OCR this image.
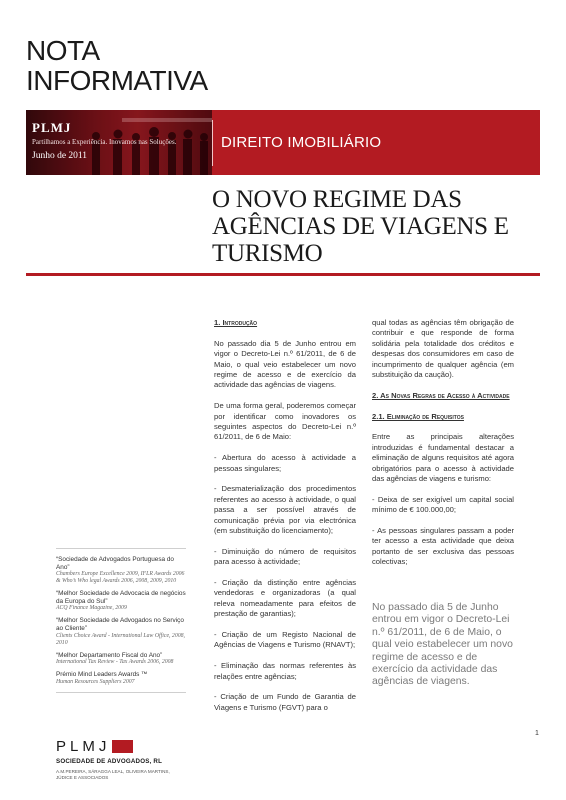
NOTA
INFORMATIVA
PLMJ
Partilhamos a Experiência. Inovamos nas Soluções.
Junho de 2011
DIREITO IMOBILIÁRIO
O NOVO REGIME DAS
AGÊNCIAS DE VIAGENS E
TURISMO
1. Introdução

No passado dia 5 de Junho entrou em vigor o Decreto-Lei n.º 61/2011, de 6 de Maio, o qual veio estabelecer um novo regime de acesso e de exercício da actividade das agências de viagens.

De uma forma geral, poderemos começar por identificar como inovadores os seguintes aspectos do Decreto-Lei n.º 61/2011, de 6 de Maio:

- Abertura do acesso à actividade a pessoas singulares;

- Desmaterialização dos procedimentos referentes ao acesso à actividade, o qual passa a ser possível através de comunicação prévia por via electrónica (em substituição do licenciamento);

- Diminuição do número de requisitos para acesso à actividade;

- Criação da distinção entre agências vendedoras e organizadoras (a qual releva nomeadamente para efeitos de prestação de garantias);

- Criação de um Registo Nacional de Agências de Viagens e Turismo (RNAVT);

- Eliminação das normas referentes às relações entre agências;

- Criação de um Fundo de Garantia de Viagens e Turismo (FGVT) para o

qual todas as agências têm obrigação de contribuir e que responde de forma solidária pela totalidade dos créditos e despesas dos consumidores em caso de incumprimento de qualquer agência (em substituição da caução).

2. As Novas Regras de Acesso à Actividade
2.1. Eliminação de Requisitos

Entre as principais alterações introduzidas é fundamental destacar a eliminação de alguns requisitos até agora obrigatórios para o acesso à actividade das agências de viagens e turismo:

- Deixa de ser exigível um capital social mínimo de € 100.000,00;

- As pessoas singulares passam a poder ter acesso a esta actividade que deixa portanto de ser exclusiva das pessoas colectivas;

No passado dia 5 de Junho entrou em vigor o Decreto-Lei n.º 61/2011, de 6 de Maio, o qual veio estabelecer um novo regime de acesso e de exercício da actividade das agências de viagens.
“Sociedade de Advogados Portuguesa do Ano”
Chambers Europe Excellence 2009, IFLR Awards 2006 & Who’s Who legal Awards 2006, 2008, 2009, 2010
“Melhor Sociedade de Advocacia de negócios da Europa do Sul”
ACQ Finance Magazine, 2009
“Melhor Sociedade de Advogados no Serviço ao Cliente”
Clients Choice Award - International Law Office, 2008, 2010
“Melhor Departamento Fiscal do Ano”
International Tax Review - Tax Awards 2006, 2008
Prémio Mind Leaders Awards ™
Human Resources Suppliers 2007
PLMJ
SOCIEDADE DE ADVOGADOS, RL
A.M.PEREIRA, SÁRAGGA LEAL, OLIVEIRA MARTINS, JÚDICE E ASSOCIADOS
1
